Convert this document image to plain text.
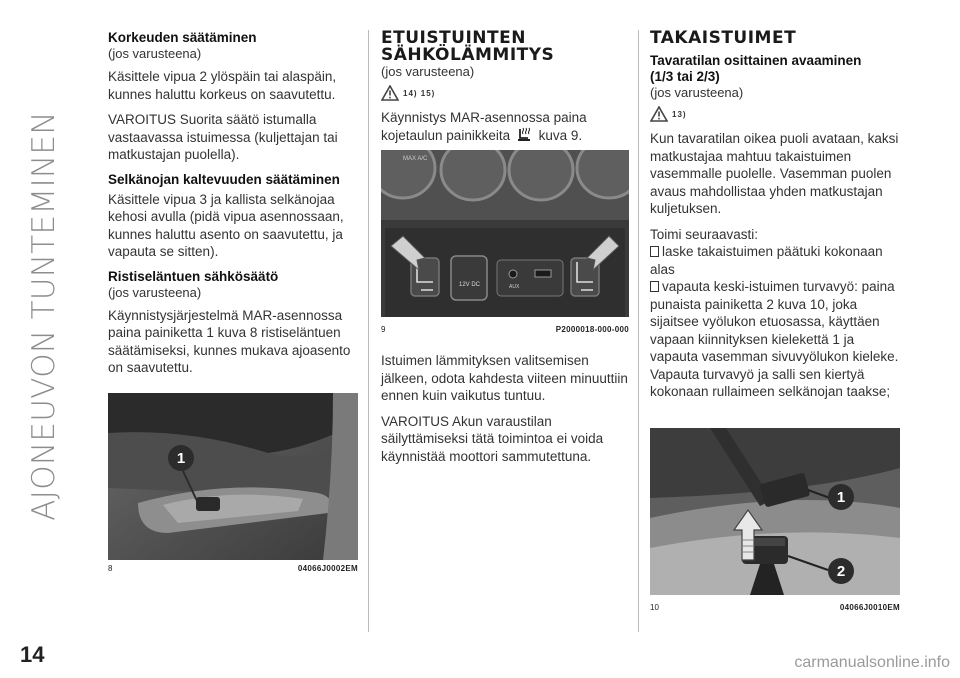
AJONEUVON TUNTEMINEN
Korkeuden säätäminen
(jos varusteena)
Käsittele vipua 2 ylöspäin tai alaspäin, kunnes haluttu korkeus on saavutettu.
VAROITUS Suorita säätö istumalla vastaavassa istuimessa (kuljettajan tai matkustajan puolella).
Selkänojan kaltevuuden säätäminen
Käsittele vipua 3 ja kallista selkänojaa kehosi avulla (pidä vipua asennossaan, kunnes haluttu asento on saavutettu, ja vapauta se sitten).
Ristiseläntuen sähkösäätö
(jos varusteena)
Käynnistysjärjestelmä MAR-asennossa paina painiketta 1 kuva 8 ristiseläntuen säätämiseksi, kunnes mukava ajoasento on saavutettu.
1
8	04066J0002EM
ETUISTUINTEN
SÄHKÖLÄMMITYS
(jos varusteena)
14) 15)
Käynnistys MAR-asennossa paina kojetaulun painikkeita kuva 9.
MAX A/C
12V DC	AUX
9	P2000018-000-000
Istuimen lämmityksen valitsemisen jälkeen, odota kahdesta viiteen minuuttiin ennen kuin vaikutus tuntuu.
VAROITUS Akun varaustilan säilyttämiseksi tätä toimintoa ei voida käynnistää moottori sammutettuna.
TAKAISTUIMET
Tavaratilan osittainen avaaminen
(1/3 tai 2/3)
(jos varusteena)
13)
Kun tavaratilan oikea puoli avataan, kaksi matkustajaa mahtuu takaistuimen vasemmalle puolelle. Vasemman puolen avaus mahdollistaa yhden matkustajan kuljetuksen.
Toimi seuraavasti:
laske takaistuimen päätuki kokonaan alas
vapauta keski-istuimen turvavyö: paina punaista painiketta 2 kuva 10, joka sijaitsee vyölukon etuosassa, käyttäen vapaan kiinnityksen kielekettä 1 ja vapauta vasemman sivuvyölukon kieleke. Vapauta turvavyö ja salli sen kiertyä kokonaan rullaimeen selkänojan taakse;
1
2
10	04066J0010EM
14	carmanualsonline.info
